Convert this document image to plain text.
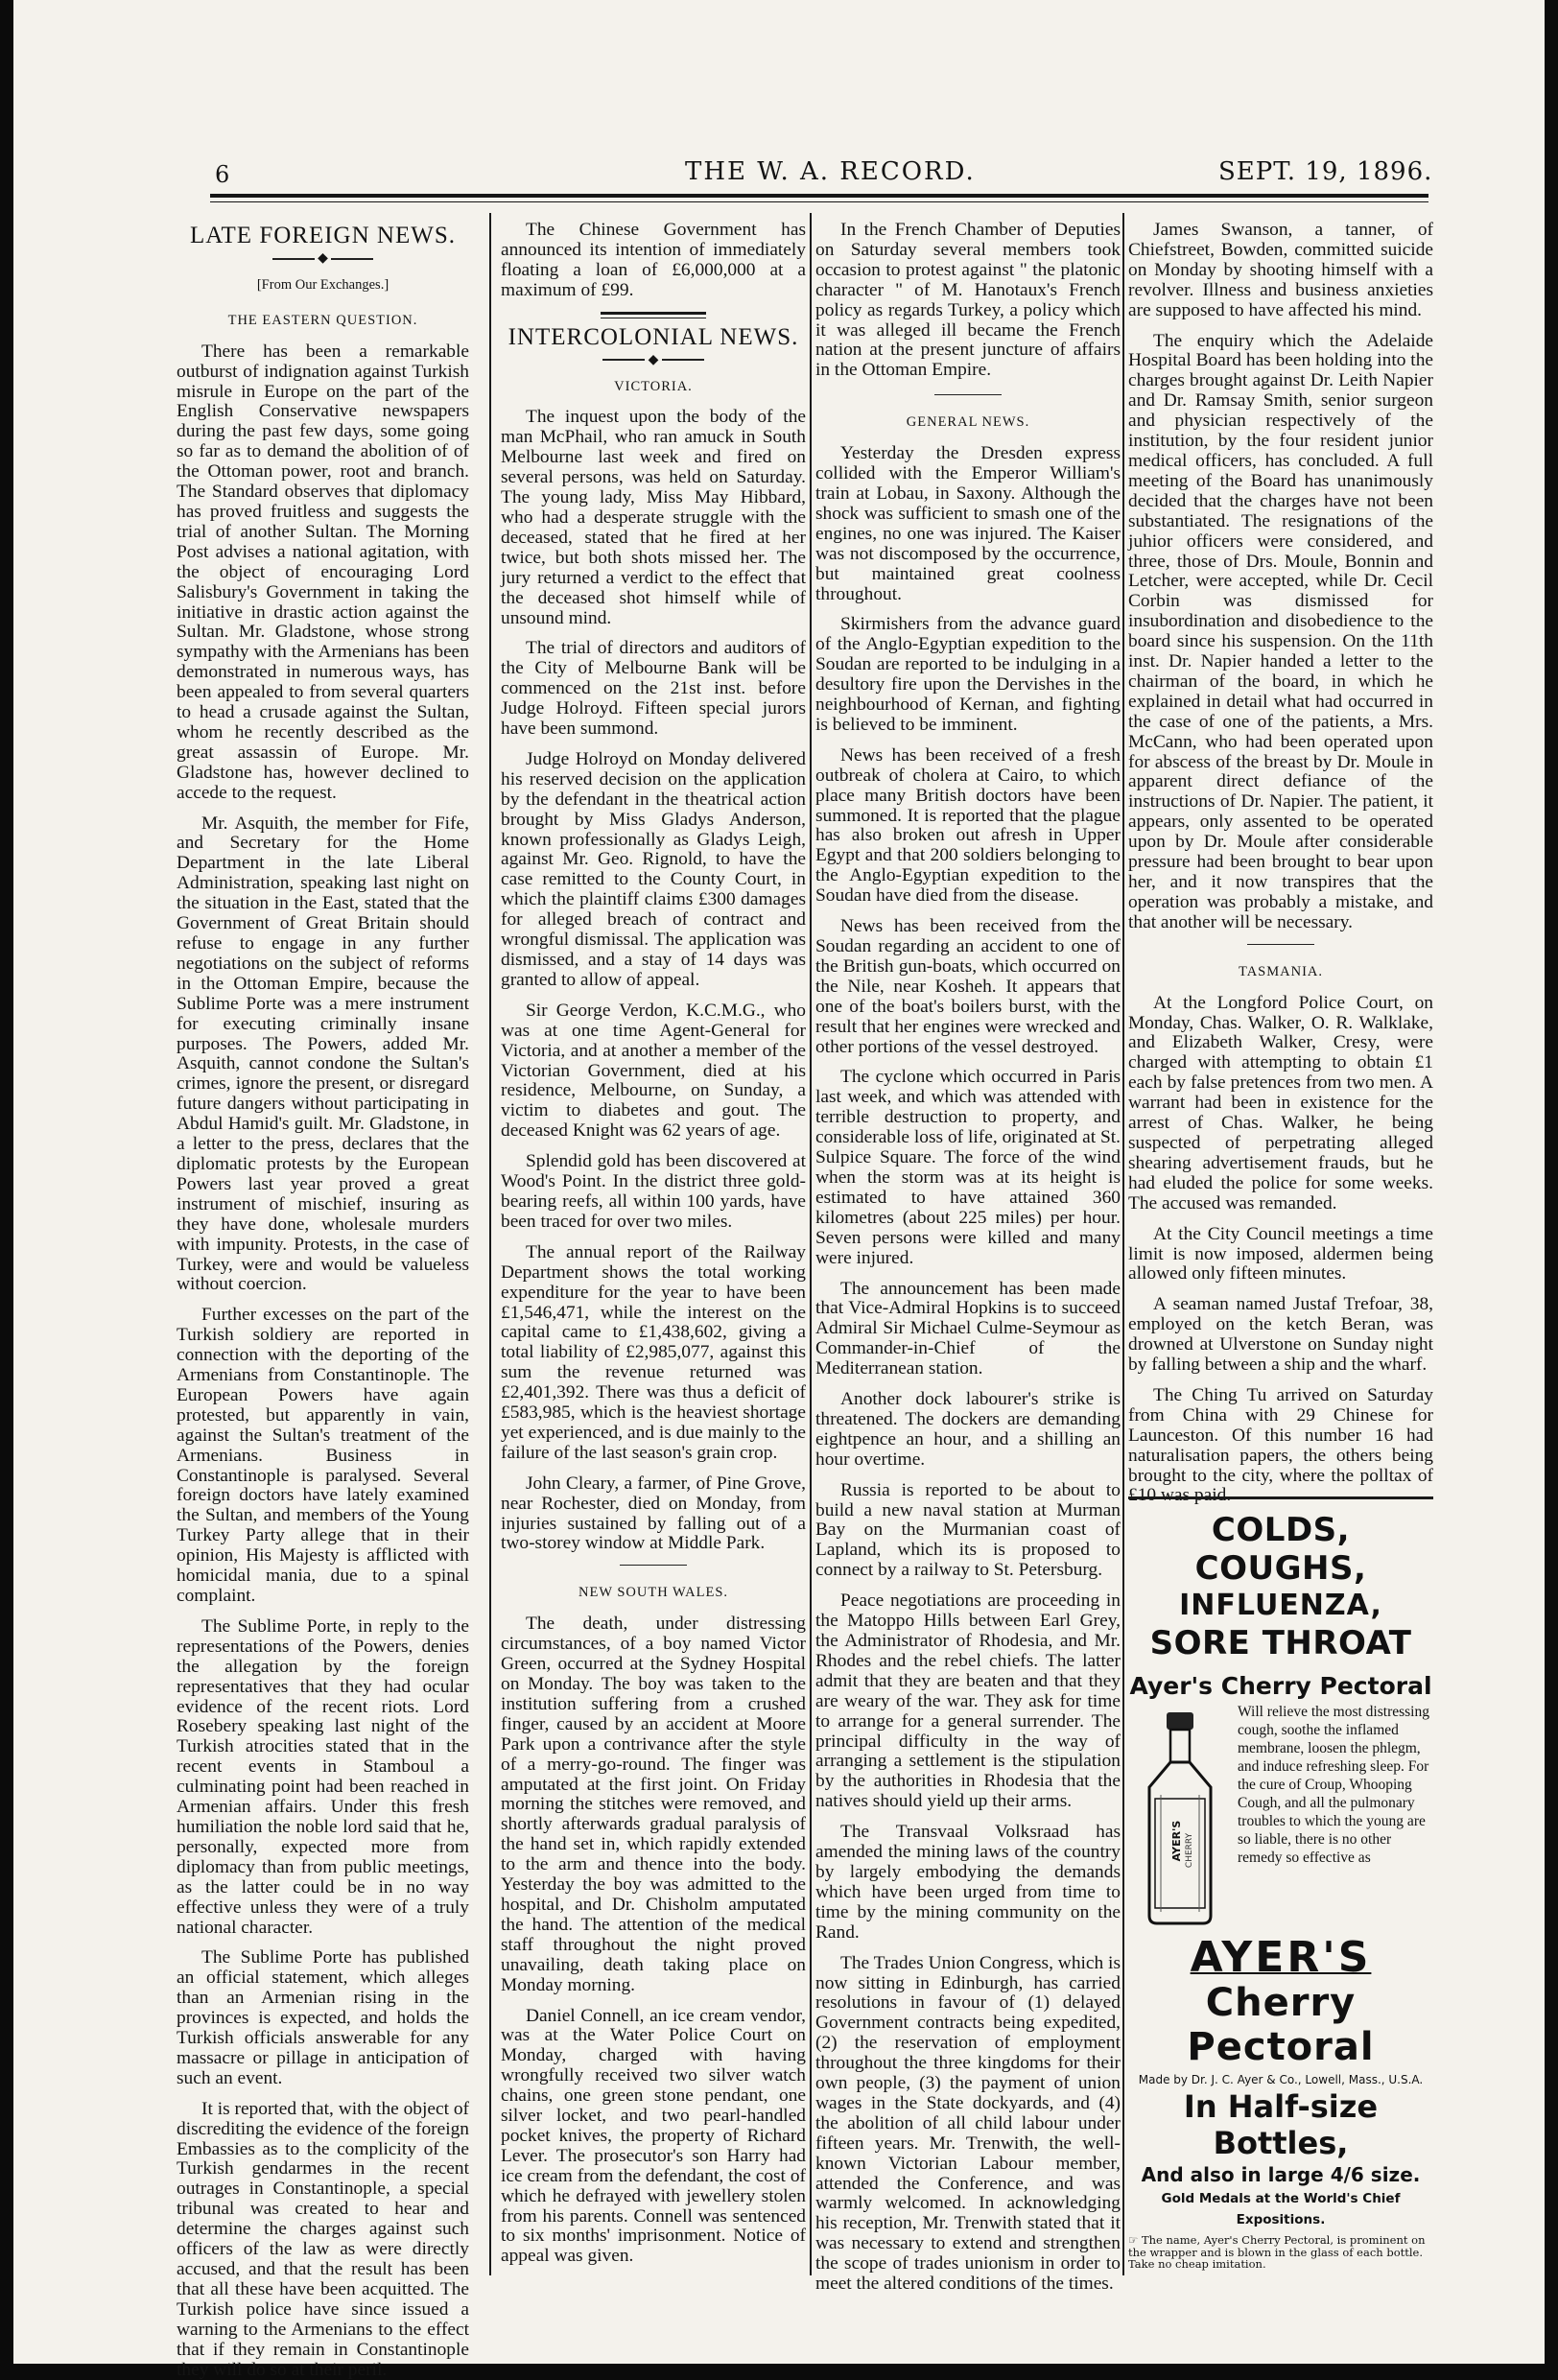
6	THE W. A. RECORD.	SEPT. 19, 1896.
LATE FOREIGN NEWS.
◆
[From Our Exchanges.]
THE EASTERN QUESTION.

There has been a remarkable outburst of indignation against Turkish misrule in Europe on the part of the English Conservative newspapers during the past few days, some going so far as to demand the abolition of of the Ottoman power, root and branch. The Standard observes that diplomacy has proved fruitless and suggests the trial of another Sultan. The Morning Post advises a national agitation, with the object of encouraging Lord Salisbury's Government in taking the initiative in drastic action against the Sultan. Mr. Gladstone, whose strong sympathy with the Armenians has been demonstrated in numerous ways, has been appealed to from several quarters to head a crusade against the Sultan, whom he recently described as the great assassin of Europe. Mr. Gladstone has, however declined to accede to the request.

Mr. Asquith, the member for Fife, and Secretary for the Home Department in the late Liberal Administration, speaking last night on the situation in the East, stated that the Government of Great Britain should refuse to engage in any further negotiations on the subject of reforms in the Ottoman Empire, because the Sublime Porte was a mere instrument for executing criminally insane purposes. The Powers, added Mr. Asquith, cannot condone the Sultan's crimes, ignore the present, or disregard future dangers without participating in Abdul Hamid's guilt. Mr. Gladstone, in a letter to the press, declares that the diplomatic protests by the European Powers last year proved a great instrument of mischief, insuring as they have done, wholesale murders with impunity. Protests, in the case of Turkey, were and would be valueless without coercion.

Further excesses on the part of the Turkish soldiery are reported in connection with the deporting of the Armenians from Constantinople. The European Powers have again protested, but apparently in vain, against the Sultan's treatment of the Armenians. Business in Constantinople is paralysed. Several foreign doctors have lately examined the Sultan, and members of the Young Turkey Party allege that in their opinion, His Majesty is afflicted with homicidal mania, due to a spinal complaint.

The Sublime Porte, in reply to the representations of the Powers, denies the allegation by the foreign representatives that they had ocular evidence of the recent riots. Lord Rosebery speaking last night of the Turkish atrocities stated that in the recent events in Stamboul a culminating point had been reached in Armenian affairs. Under this fresh humiliation the noble lord said that he, personally, expected more from diplomacy than from public meetings, as the latter could be in no way effective unless they were of a truly national character.

The Sublime Porte has published an official statement, which alleges than an Armenian rising in the provinces is expected, and holds the Turkish officials answerable for any massacre or pillage in anticipation of such an event.

It is reported that, with the object of discrediting the evidence of the foreign Embassies as to the complicity of the Turkish gendarmes in the recent outrages in Constantinople, a special tribunal was created to hear and determine the charges against such officers of the law as were directly accused, and that the result has been that all these have been acquitted. The Turkish police have since issued a warning to the Armenians to the effect that if they remain in Constantinople they will do so at their peril.

The Chinese Government has announced its intention of immediately floating a loan of £6,000,000 at a maximum of £99.

INTERCOLONIAL NEWS.
◆
VICTORIA.

The inquest upon the body of the man McPhail, who ran amuck in South Melbourne last week and fired on several persons, was held on Saturday. The young lady, Miss May Hibbard, who had a desperate struggle with the deceased, stated that he fired at her twice, but both shots missed her. The jury returned a verdict to the effect that the deceased shot himself while of unsound mind.

The trial of directors and auditors of the City of Melbourne Bank will be commenced on the 21st inst. before Judge Holroyd. Fifteen special jurors have been summond.

Judge Holroyd on Monday delivered his reserved decision on the application by the defendant in the theatrical action brought by Miss Gladys Anderson, known professionally as Gladys Leigh, against Mr. Geo. Rignold, to have the case remitted to the County Court, in which the plaintiff claims £300 damages for alleged breach of contract and wrongful dismissal. The application was dismissed, and a stay of 14 days was granted to allow of appeal.

Sir George Verdon, K.C.M.G., who was at one time Agent-General for Victoria, and at another a member of the Victorian Government, died at his residence, Melbourne, on Sunday, a victim to diabetes and gout. The deceased Knight was 62 years of age.

Splendid gold has been discovered at Wood's Point. In the district three gold-bearing reefs, all within 100 yards, have been traced for over two miles.

The annual report of the Railway Department shows the total working expenditure for the year to have been £1,546,471, while the interest on the capital came to £1,438,602, giving a total liability of £2,985,077, against this sum the revenue returned was £2,401,392. There was thus a deficit of £583,985, which is the heaviest shortage yet experienced, and is due mainly to the failure of the last season's grain crop.

John Cleary, a farmer, of Pine Grove, near Rochester, died on Monday, from injuries sustained by falling out of a two-storey window at Middle Park.

NEW SOUTH WALES.

The death, under distressing circumstances, of a boy named Victor Green, occurred at the Sydney Hospital on Monday. The boy was taken to the institution suffering from a crushed finger, caused by an accident at Moore Park upon a contrivance after the style of a merry-go-round. The finger was amputated at the first joint. On Friday morning the stitches were removed, and shortly afterwards gradual paralysis of the hand set in, which rapidly extended to the arm and thence into the body. Yesterday the boy was admitted to the hospital, and Dr. Chisholm amputated the hand. The attention of the medical staff throughout the night proved unavailing, death taking place on Monday morning.

Daniel Connell, an ice cream vendor, was at the Water Police Court on Monday, charged with having wrongfully received two silver watch chains, one green stone pendant, one silver locket, and two pearl-handled pocket knives, the property of Richard Lever. The prosecutor's son Harry had ice cream from the defendant, the cost of which he defrayed with jewellery stolen from his parents. Connell was sentenced to six months' imprisonment. Notice of appeal was given.

In the French Chamber of Deputies on Saturday several members took occasion to protest against " the platonic character " of M. Hanotaux's French policy as regards Turkey, a policy which it was alleged ill became the French nation at the present juncture of affairs in the Ottoman Empire.

GENERAL NEWS.

Yesterday the Dresden express collided with the Emperor William's train at Lobau, in Saxony. Although the shock was sufficient to smash one of the engines, no one was injured. The Kaiser was not discomposed by the occurrence, but maintained great coolness throughout.

Skirmishers from the advance guard of the Anglo-Egyptian expedition to the Soudan are reported to be indulging in a desultory fire upon the Dervishes in the neighbourhood of Kernan, and fighting is believed to be imminent.

News has been received of a fresh outbreak of cholera at Cairo, to which place many British doctors have been summoned. It is reported that the plague has also broken out afresh in Upper Egypt and that 200 soldiers belonging to the Anglo-Egyptian expedition to the Soudan have died from the disease.

News has been received from the Soudan regarding an accident to one of the British gun-boats, which occurred on the Nile, near Kosheh. It appears that one of the boat's boilers burst, with the result that her engines were wrecked and other portions of the vessel destroyed.

The cyclone which occurred in Paris last week, and which was attended with terrible destruction to property, and considerable loss of life, originated at St. Sulpice Square. The force of the wind when the storm was at its height is estimated to have attained 360 kilometres (about 225 miles) per hour. Seven persons were killed and many were injured.

The announcement has been made that Vice-Admiral Hopkins is to succeed Admiral Sir Michael Culme-Seymour as Commander-in-Chief of the Mediterranean station.

Another dock labourer's strike is threatened. The dockers are demanding eightpence an hour, and a shilling an hour overtime.

Russia is reported to be about to build a new naval station at Murman Bay on the Murmanian coast of Lapland, which its is proposed to connect by a railway to St. Petersburg.

Peace negotiations are proceeding in the Matoppo Hills between Earl Grey, the Administrator of Rhodesia, and Mr. Rhodes and the rebel chiefs. The latter admit that they are beaten and that they are weary of the war. They ask for time to arrange for a general surrender. The principal difficulty in the way of arranging a settlement is the stipulation by the authorities in Rhodesia that the natives should yield up their arms.

The Transvaal Volksraad has amended the mining laws of the country by largely embodying the demands which have been urged from time to time by the mining community on the Rand.

The Trades Union Congress, which is now sitting in Edinburgh, has carried resolutions in favour of (1) delayed Government contracts being expedited, (2) the reservation of employment throughout the three kingdoms for their own people, (3) the payment of union wages in the State dockyards, and (4) the abolition of all child labour under fifteen years. Mr. Trenwith, the well-known Victorian Labour member, attended the Conference, and was warmly welcomed. In acknowledging his reception, Mr. Trenwith stated that it was necessary to extend and strengthen the scope of trades unionism in order to meet the altered conditions of the times.

James Swanson, a tanner, of Chiefstreet, Bowden, committed suicide on Monday by shooting himself with a revolver. Illness and business anxieties are supposed to have affected his mind.

The enquiry which the Adelaide Hospital Board has been holding into the charges brought against Dr. Leith Napier and Dr. Ramsay Smith, senior surgeon and physician respectively of the institution, by the four resident junior medical officers, has concluded. A full meeting of the Board has unanimously decided that the charges have not been substantiated. The resignations of the juhior officers were considered, and three, those of Drs. Moule, Bonnin and Letcher, were accepted, while Dr. Cecil Corbin was dismissed for insubordination and disobedience to the board since his suspension. On the 11th inst. Dr. Napier handed a letter to the chairman of the board, in which he explained in detail what had occurred in the case of one of the patients, a Mrs. McCann, who had been operated upon for abscess of the breast by Dr. Moule in apparent direct defiance of the instructions of Dr. Napier. The patient, it appears, only assented to be operated upon by Dr. Moule after considerable pressure had been brought to bear upon her, and it now transpires that the operation was probably a mistake, and that another will be necessary.

TASMANIA.

At the Longford Police Court, on Monday, Chas. Walker, O. R. Walklake, and Elizabeth Walker, Cresy, were charged with attempting to obtain £1 each by false pretences from two men. A warrant had been in existence for the arrest of Chas. Walker, he being suspected of perpetrating alleged shearing advertisement frauds, but he had eluded the police for some weeks. The accused was remanded.

At the City Council meetings a time limit is now imposed, aldermen being allowed only fifteen minutes.

A seaman named Justaf Trefoar, 38, employed on the ketch Beran, was drowned at Ulverstone on Sunday night by falling between a ship and the wharf.

The Ching Tu arrived on Saturday from China with 29 Chinese for Launceston. Of this number 16 had naturalisation papers, the others being brought to the city, where the polltax of £10 was paid.

COLDS, COUGHS,
INFLUENZA,
SORE THROAT
Ayer's Cherry Pectoral
AYER'S CHERRY
Will relieve the most distressing cough, soothe the inflamed membrane, loosen the phlegm, and induce refreshing sleep. For the cure of Croup, Whooping Cough, and all the pulmonary troubles to which the young are so liable, there is no other remedy so effective as
AYER'S
Cherry Pectoral
Made by Dr. J. C. Ayer & Co., Lowell, Mass., U.S.A.
In Half-size Bottles,
And also in large 4/6 size.
Gold Medals at the World's Chief Expositions.
☞ The name, Ayer's Cherry Pectoral, is prominent on the wrapper and is blown in the glass of each bottle. Take no cheap imitation.
